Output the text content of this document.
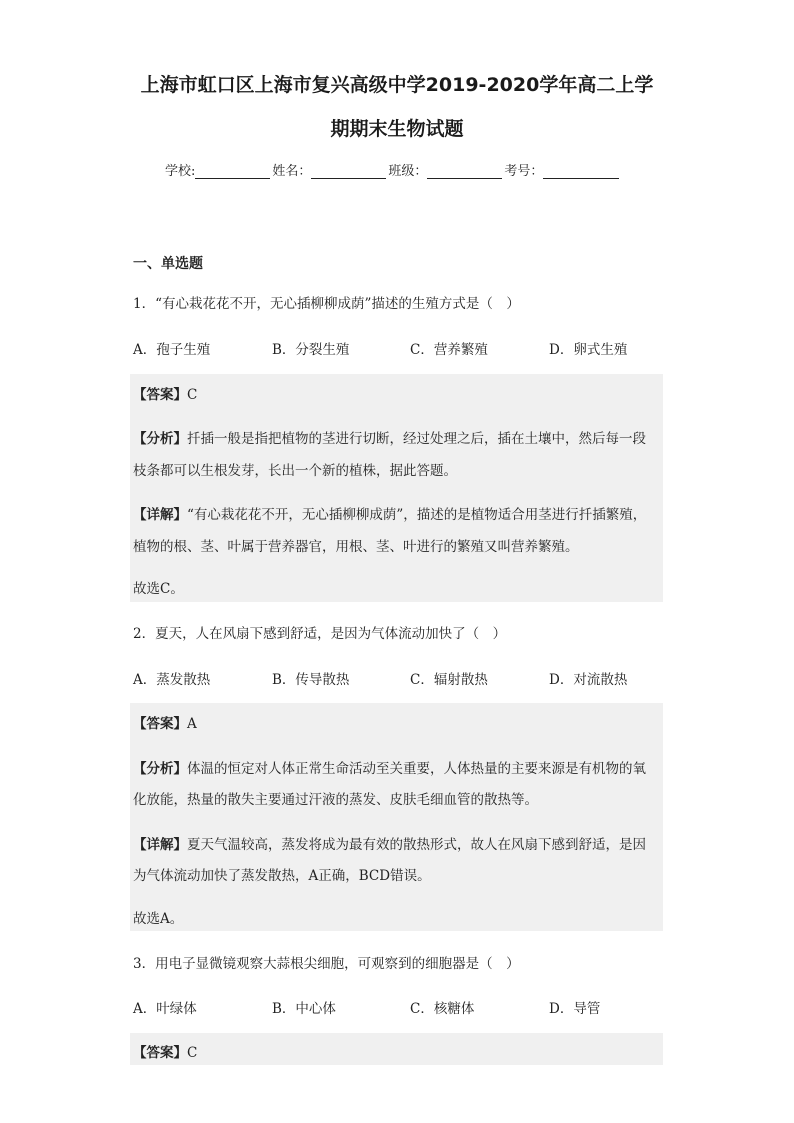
上海市虹口区上海市复兴高级中学2019-2020学年高二上学
期期末生物试题
学校:	姓名：	班级：	考号：
一、单选题
1．“有心栽花花不开，无心插柳柳成荫”描述的生殖方式是（　）
A．孢子生殖	B．分裂生殖	C．营养繁殖	D．卵式生殖
【答案】C
【分析】扦插一般是指把植物的茎进行切断，经过处理之后，插在土壤中，然后每一段
枝条都可以生根发芽，长出一个新的植株，据此答题。
【详解】“有心栽花花不开，无心插柳柳成荫”，描述的是植物适合用茎进行扦插繁殖，
植物的根、茎、叶属于营养器官，用根、茎、叶进行的繁殖又叫营养繁殖。
故选C。
2．夏天，人在风扇下感到舒适，是因为气体流动加快了（　）
A．蒸发散热	B．传导散热	C．辐射散热	D．对流散热
【答案】A
【分析】体温的恒定对人体正常生命活动至关重要，人体热量的主要来源是有机物的氧
化放能，热量的散失主要通过汗液的蒸发、皮肤毛细血管的散热等。
【详解】夏天气温较高，蒸发将成为最有效的散热形式，故人在风扇下感到舒适，是因
为气体流动加快了蒸发散热，A正确，BCD错误。
故选A。
3．用电子显微镜观察大蒜根尖细胞，可观察到的细胞器是（　）
A．叶绿体	B．中心体	C．核糖体	D．导管
【答案】C
